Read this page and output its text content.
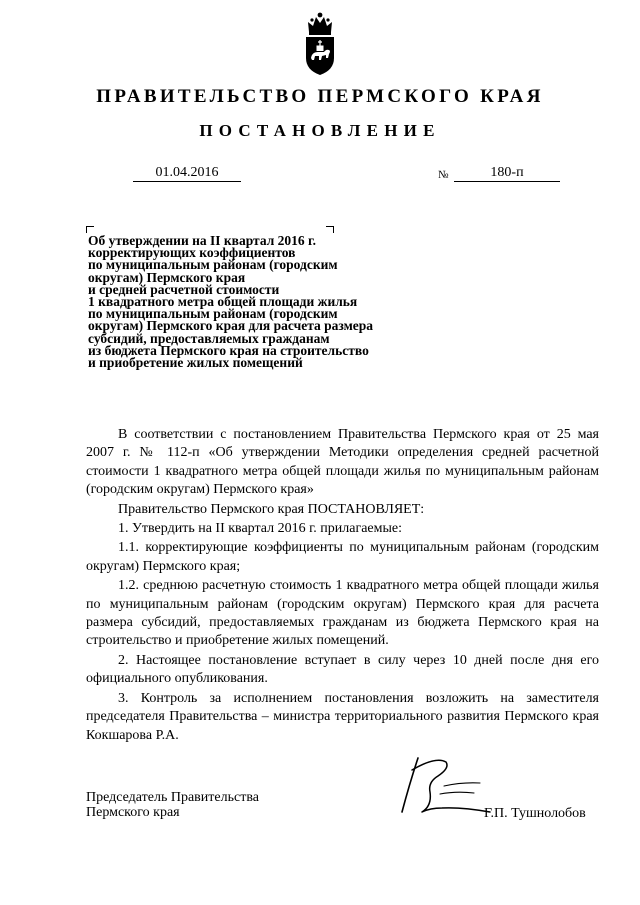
ПРАВИТЕЛЬСТВО ПЕРМСКОГО КРАЯ
ПОСТАНОВЛЕНИЕ
01.04.2016	№	180-п
Об утверждении на II квартал 2016 г.
корректирующих коэффициентов
по муниципальным районам (городским
округам) Пермского края
и средней расчетной стоимости
1 квадратного метра общей площади жилья
по муниципальным районам (городским
округам) Пермского края для расчета размера
субсидий, предоставляемых гражданам
из бюджета Пермского края на строительство
и приобретение жилых помещений

В соответствии с постановлением Правительства Пермского края от 25 мая 2007 г. № 112-п «Об утверждении Методики определения средней расчетной стоимости 1 квадратного метра общей площади жилья по муниципальным районам (городским округам) Пермского края»

Правительство Пермского края ПОСТАНОВЛЯЕТ:

1. Утвердить на II квартал 2016 г. прилагаемые:

1.1. корректирующие коэффициенты по муниципальным районам (городским округам) Пермского края;

1.2. среднюю расчетную стоимость 1 квадратного метра общей площади жилья по муниципальным районам (городским округам) Пермского края для расчета размера субсидий, предоставляемых гражданам из бюджета Пермского края на строительство и приобретение жилых помещений.

2. Настоящее постановление вступает в силу через 10 дней после дня его официального опубликования.

3. Контроль за исполнением постановления возложить на заместителя председателя Правительства – министра территориального развития Пермского края Кокшарова Р.А.

Председатель Правительства
Пермского края	Г.П. Тушнолобов
